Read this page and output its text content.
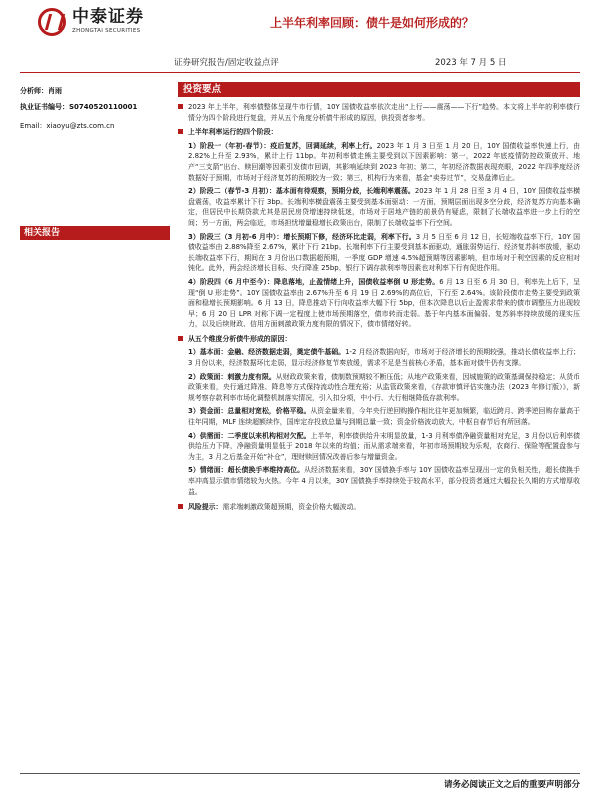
中泰证券
ZHONGTAI SECURITIES
上半年利率回顾：债牛是如何形成的？
证券研究报告/固定收益点评	2023 年 7 月 5 日
分析师：肖雨
执业证书编号：S0740520110001
Email：xiaoyu@zts.com.cn
相关报告
投资要点
2023 年上半年，利率债整体呈现牛市行情，10Y 国债收益率依次走出“上行——震荡——下行”趋势。本文将上半年的利率债行情分为四个阶段进行复盘，并从五个角度分析债牛形成的原因，供投资者参考。
上半年利率运行的四个阶段：
1）阶段一（年初-春节）：疫后复苏，回调延续，利率上行。2023 年 1 月 3 日至 1 月 20 日，10Y 国债收益率快速上行，由 2.82%上升至 2.93%，累计上行 11bp。年初利率债走熊主要受到以下因素影响：第一，2022 年底疫情防控政策放开、地产“三支箭”出台、赎回潮等因素引发债市回调，其影响延续到 2023 年初；第二，年初经济数据表现亮眼，2022 年四季度经济数据好于预期，市场对于经济复苏的预期较为一致；第三，机构行为来看，基金“卖券过节”，交易盘滞后止。
2）阶段二（春节-3 月初）：基本面有待观察，预期分歧，长端利率震荡。2023 年 1 月 28 日至 3 月 4 日，10Y 国债收益率横盘震荡，收益率累计下行 3bp。长端利率横盘震荡主要受到基本面驱动：一方面，预期层面出现多空分歧，经济复苏方向基本确定，但居民中长期贷款尤其是居民房贷增速持续低迷，市场对于居地产链的前景仍有疑虑，限制了长端收益率进一步上行的空间；另一方面，两会临近，市场担忧增量稳增长政策出台，限制了长端收益率下行空间。
3）阶段三（3 月初-6 月中）：增长预期下修，经济环比走弱，利率下行。3 月 5 日至 6 月 12 日，长短端收益率下行，10Y 国债收益率由 2.88%降至 2.67%，累计下行 21bp。长端利率下行主要受到基本面驱动，通胀弱势运行、经济复苏斜率放缓，驱动长端收益率下行，期间在 3 月份出口数据超预期，一季度 GDP 增速 4.5%超预期等因素影响，但市场对于利空因素的反应相对钝化。此外，两会经济增长目标、央行降准 25bp、银行下调存款利率等因素也对利率下行有促进作用。
4）阶段四（6 月中至今）：降息落地，止盈情绪上升，国债收益率倒 U 形走势。6 月 13 日至 6 月 30 日，利率先上后下，呈现“倒 U 形走势”。10Y 国债收益率由 2.67%升至 6 月 19 日 2.69%的高位后，下行至 2.64%。该阶段债市走势主要受到政策面和稳增长预期影响。6 月 13 日，降息推动下行向收益率大幅下行 5bp，但本次降息以后止盈需求带来的债市调整压力出现较早；6 月 20 日 LPR 对称下调一定程度上使市场预期落空，债市转而走弱。基于年内基本面偏弱、复苏斜率持续放缓的现实压力，以及后续财政、信用方面刺激政策力度有限的情况下，债市情绪好转。
从五个维度分析债牛形成的原因：
1）基本面：金融、经济数据走弱，奠定债牛基础。1-2 月经济数据向好，市场对于经济增长的预期较强，推动长债收益率上行；3 月份以来，经济数据环比走弱，显示经济修复节奏放缓，需求不足是当前核心矛盾，基本面对债牛仍有支撑。
2）政策面：刺激力度有限。从财政政策来看，债制数预期较不断压低；从地产政策来看，因城施策的政策基调保持稳定；从货币政策来看，央行通过降准、降息等方式保持流动性合理充裕；从监管政策来看，《存款审慎评估实施办法（2023 年修订版）》，新规考察存款利率市场化调整机制落实情况，引入扣分项，中小行、大行相继降低存款利率。
3）资金面：总量相对宽松，价格平稳。从资金量来看，今年央行逆回购操作相比往年更加频繁，临近跨月、跨季逆回购存量高于往年同期，MLF 连续超额续作，国库定存投放总量与到期总量一致；资金价格波动放大，中枢自春节后有所回落。
4）供需面：二季度以来机构相对欠配。上半年，利率债供给升末明显放量，1-3 月利率债净融资量相对充足，3 月份以后利率债供给压力下降，净融资量明显低于 2018 年以来的均值；而从需求端来看，年初市场预期较为乐观，农商行、保险等配置盘参与为主，3 月之后基金开始“补仓”，理财赎回情况改善后参与增量资金。
5）情绪面：超长债换手率维持高位。从经济数据来看，30Y 国债换手率与 10Y 国债收益率呈现出一定的负相关性，超长债换手率冲高显示债市情绪较为火热。今年 4 月以来，30Y 国债换手率持续处于较高水平，部分投资者通过大幅拉长久期的方式增厚收益。
风险提示：需求端刺激政策超预期，资金价格大幅波动。
请务必阅读正文之后的重要声明部分
